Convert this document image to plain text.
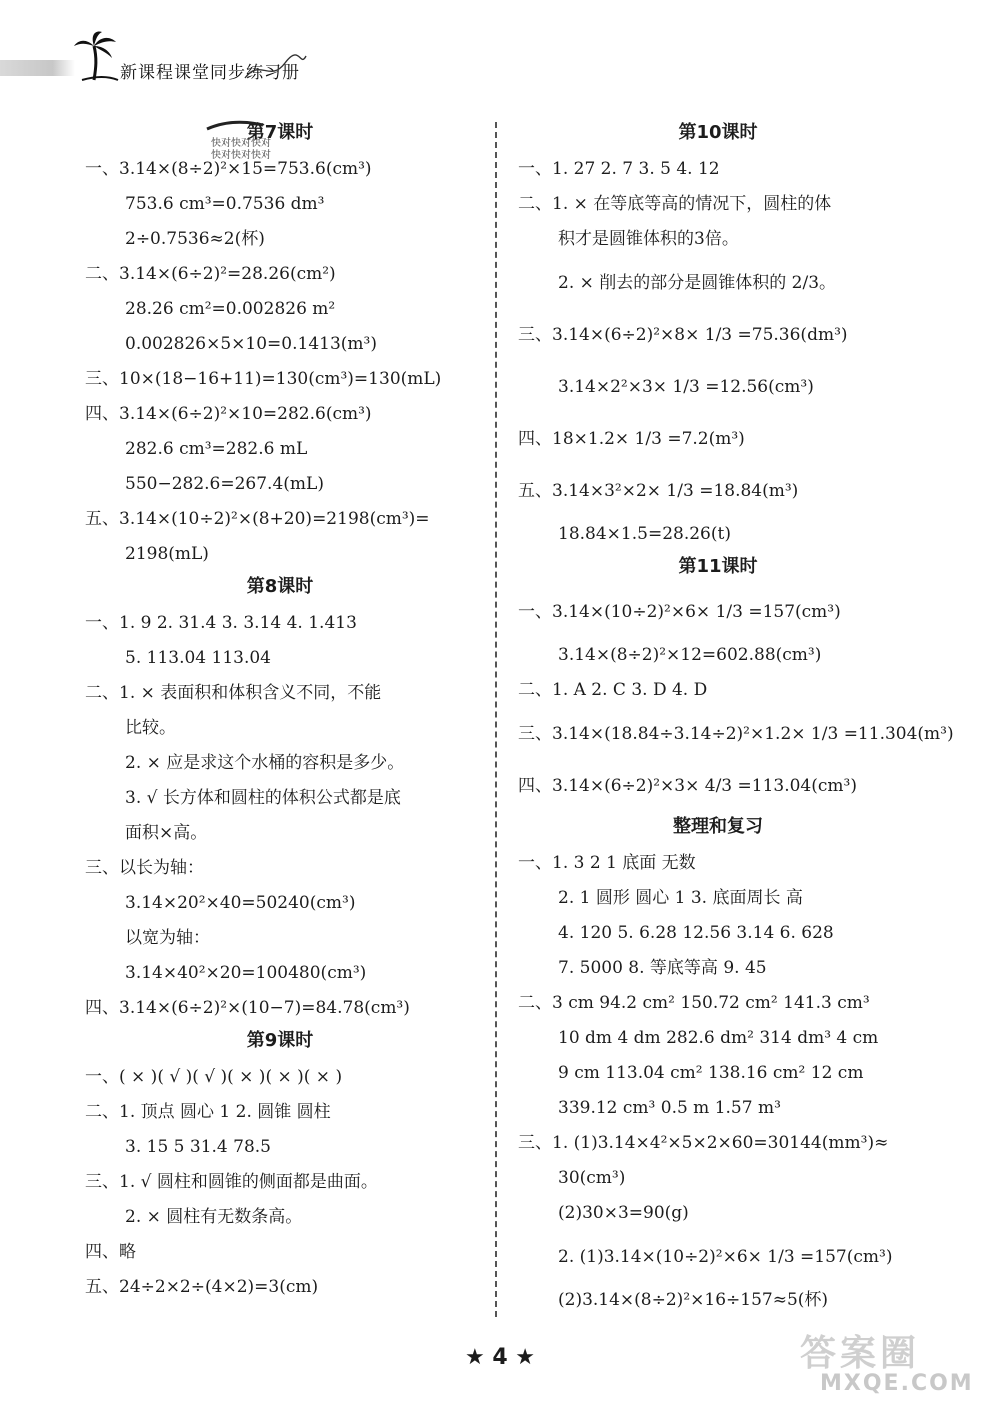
新课程课堂同步练习册
快对快对快对
快对快对快对
第7课时
一、3.14×(8÷2)²×15=753.6(cm³)
753.6 cm³=0.7536 dm³
2÷0.7536≈2(杯)
二、3.14×(6÷2)²=28.26(cm²)
28.26 cm²=0.002826 m²
0.002826×5×10=0.1413(m³)
三、10×(18−16+11)=130(cm³)=130(mL)
四、3.14×(6÷2)²×10=282.6(cm³)
282.6 cm³=282.6 mL
550−282.6=267.4(mL)
五、3.14×(10÷2)²×(8+20)=2198(cm³)=
2198(mL)
第8课时
一、1. 9 2. 31.4 3. 3.14 4. 1.413
5. 113.04 113.04
二、1. × 表面积和体积含义不同，不能
比较。
2. × 应是求这个水桶的容积是多少。
3. √ 长方体和圆柱的体积公式都是底
面积×高。
三、以长为轴：
3.14×20²×40=50240(cm³)
以宽为轴：
3.14×40²×20=100480(cm³)
四、3.14×(6÷2)²×(10−7)=84.78(cm³)
第9课时
一、( × )( √ )( √ )( × )( × )( × )
二、1. 顶点 圆心 1 2. 圆锥 圆柱
3. 15 5 31.4 78.5
三、1. √ 圆柱和圆锥的侧面都是曲面。
2. × 圆柱有无数条高。
四、略
五、24÷2×2÷(4×2)=3(cm)
第10课时
一、1. 27 2. 7 3. 5 4. 12
二、1. × 在等底等高的情况下，圆柱的体
积才是圆锥体积的3倍。
2. × 削去的部分是圆锥体积的 2/3。
三、3.14×(6÷2)²×8× 1/3 =75.36(dm³)
3.14×2²×3× 1/3 =12.56(cm³)
四、18×1.2× 1/3 =7.2(m³)
五、3.14×3²×2× 1/3 =18.84(m³)
18.84×1.5=28.26(t)
第11课时
一、3.14×(10÷2)²×6× 1/3 =157(cm³)
3.14×(8÷2)²×12=602.88(cm³)
二、1. A 2. C 3. D 4. D
三、3.14×(18.84÷3.14÷2)²×1.2× 1/3 =11.304(m³)
四、3.14×(6÷2)²×3× 4/3 =113.04(cm³)
整理和复习
一、1. 3 2 1 底面 无数
2. 1 圆形 圆心 1 3. 底面周长 高
4. 120 5. 6.28 12.56 3.14 6. 628
7. 5000 8. 等底等高 9. 45
二、3 cm 94.2 cm² 150.72 cm² 141.3 cm³
10 dm 4 dm 282.6 dm² 314 dm³ 4 cm
9 cm 113.04 cm² 138.16 cm² 12 cm
339.12 cm³ 0.5 m 1.57 m³
三、1. (1)3.14×4²×5×2×60=30144(mm³)≈
30(cm³)
(2)30×3=90(g)
2. (1)3.14×(10÷2)²×6× 1/3 =157(cm³)
(2)3.14×(8÷2)²×16÷157≈5(杯)
★ 4 ★	答案圈
MXQE.COM
